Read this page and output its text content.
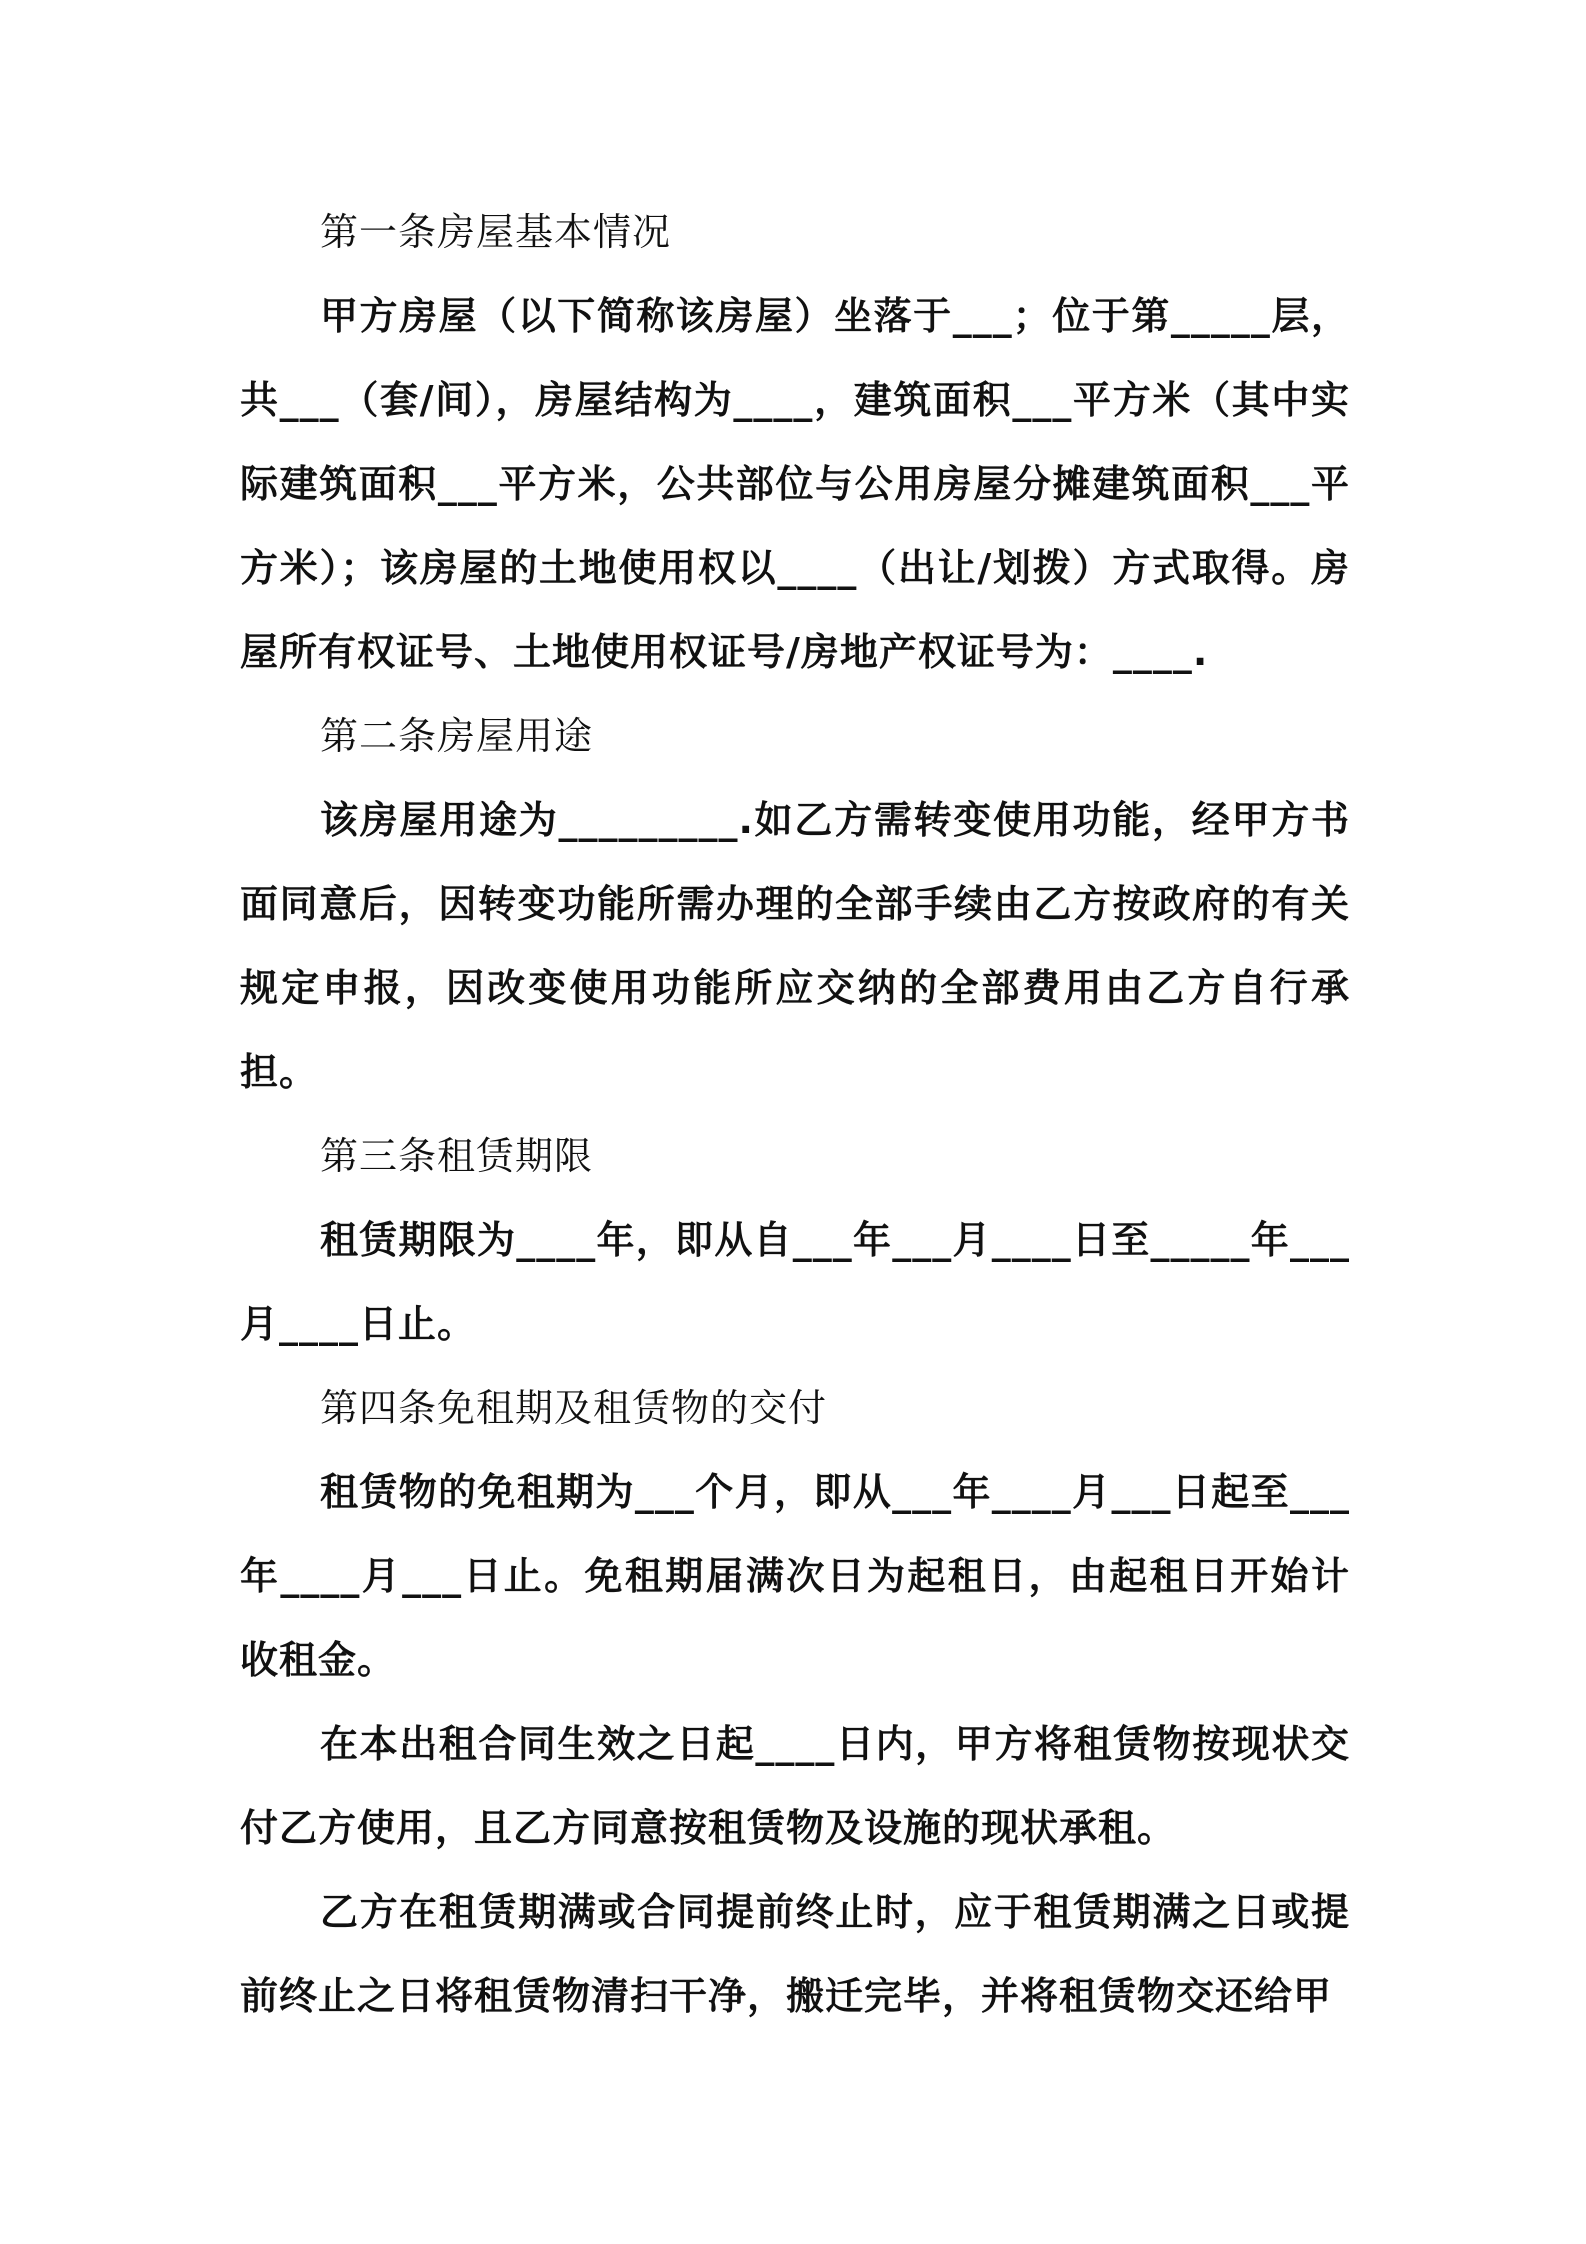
第一条房屋基本情况

甲方房屋（以下简称该房屋）坐落于___；位于第_____层，共___（套/间），房屋结构为____，建筑面积___平方米（其中实际建筑面积___平方米，公共部位与公用房屋分摊建筑面积___平方米）；该房屋的土地使用权以____（出让/划拨）方式取得。房屋所有权证号、土地使用权证号/房地产权证号为：____.

第二条房屋用途

该房屋用途为_________.如乙方需转变使用功能，经甲方书面同意后，因转变功能所需办理的全部手续由乙方按政府的有关规定申报，因改变使用功能所应交纳的全部费用由乙方自行承担。

第三条租赁期限

租赁期限为____年，即从自___年___月____日至_____年___月____日止。

第四条免租期及租赁物的交付

租赁物的免租期为___个月，即从___年____月___日起至___年____月___日止。免租期届满次日为起租日，由起租日开始计收租金。

在本出租合同生效之日起____日内，甲方将租赁物按现状交付乙方使用，且乙方同意按租赁物及设施的现状承租。

乙方在租赁期满或合同提前终止时，应于租赁期满之日或提前终止之日将租赁物清扫干净，搬迁完毕，并将租赁物交还给甲
